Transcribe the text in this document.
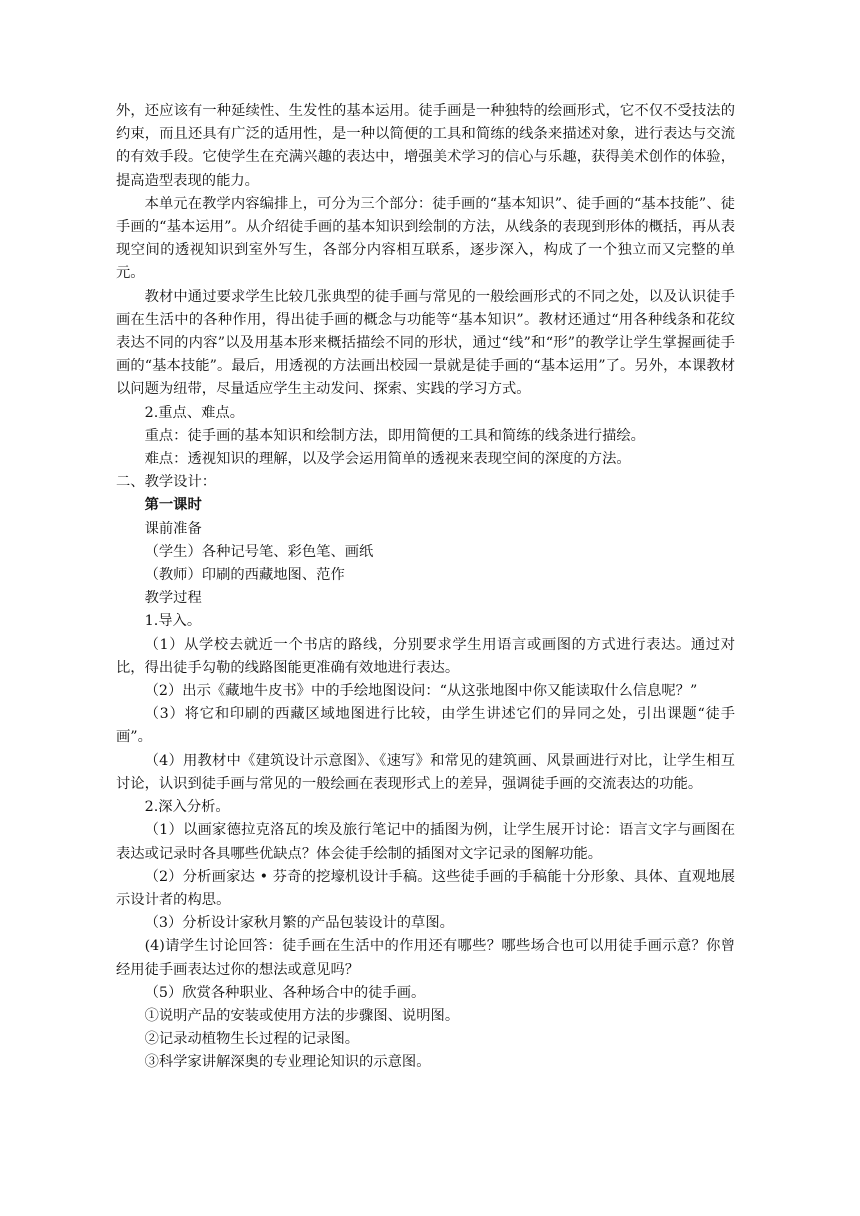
外，还应该有一种延续性、生发性的基本运用。徒手画是一种独特的绘画形式，它不仅不受技法的约束，而且还具有广泛的适用性，是一种以简便的工具和简练的线条来描述对象，进行表达与交流的有效手段。它使学生在充满兴趣的表达中，增强美术学习的信心与乐趣，获得美术创作的体验，提高造型表现的能力。

本单元在教学内容编排上，可分为三个部分：徒手画的“基本知识”、徒手画的“基本技能”、徒手画的“基本运用”。从介绍徒手画的基本知识到绘制的方法，从线条的表现到形体的概括，再从表现空间的透视知识到室外写生，各部分内容相互联系，逐步深入，构成了一个独立而又完整的单元。

教材中通过要求学生比较几张典型的徒手画与常见的一般绘画形式的不同之处，以及认识徒手画在生活中的各种作用，得出徒手画的概念与功能等“基本知识”。教材还通过“用各种线条和花纹表达不同的内容”以及用基本形来概括描绘不同的形状，通过“线”和“形”的教学让学生掌握画徒手画的“基本技能”。最后，用透视的方法画出校园一景就是徒手画的“基本运用”了。另外，本课教材以问题为纽带，尽量适应学生主动发问、探索、实践的学习方式。

2.重点、难点。

重点：徒手画的基本知识和绘制方法，即用简便的工具和简练的线条进行描绘。

难点：透视知识的理解，以及学会运用简单的透视来表现空间的深度的方法。

二、教学设计：

第一课时

课前准备

（学生）各种记号笔、彩色笔、画纸

（教师）印刷的西藏地图、范作

教学过程

1.导入。

（1）从学校去就近一个书店的路线，分别要求学生用语言或画图的方式进行表达。通过对比，得出徒手勾勒的线路图能更准确有效地进行表达。

（2）出示《藏地牛皮书》中的手绘地图设问：“从这张地图中你又能读取什么信息呢？”

（3）将它和印刷的西藏区域地图进行比较，由学生讲述它们的异同之处，引出课题“徒手画”。

（4）用教材中《建筑设计示意图》、《速写》和常见的建筑画、风景画进行对比，让学生相互讨论，认识到徒手画与常见的一般绘画在表现形式上的差异，强调徒手画的交流表达的功能。

2.深入分析。

（1）以画家德拉克洛瓦的埃及旅行笔记中的插图为例，让学生展开讨论：语言文字与画图在表达或记录时各具哪些优缺点？体会徒手绘制的插图对文字记录的图解功能。

（2）分析画家达 • 芬奇的挖壕机设计手稿。这些徒手画的手稿能十分形象、具体、直观地展示设计者的构思。

（3）分析设计家秋月繁的产品包装设计的草图。

(4)请学生讨论回答：徒手画在生活中的作用还有哪些？哪些场合也可以用徒手画示意？你曾经用徒手画表达过你的想法或意见吗？

（5）欣赏各种职业、各种场合中的徒手画。

①说明产品的安装或使用方法的步骤图、说明图。

②记录动植物生长过程的记录图。

③科学家讲解深奥的专业理论知识的示意图。
